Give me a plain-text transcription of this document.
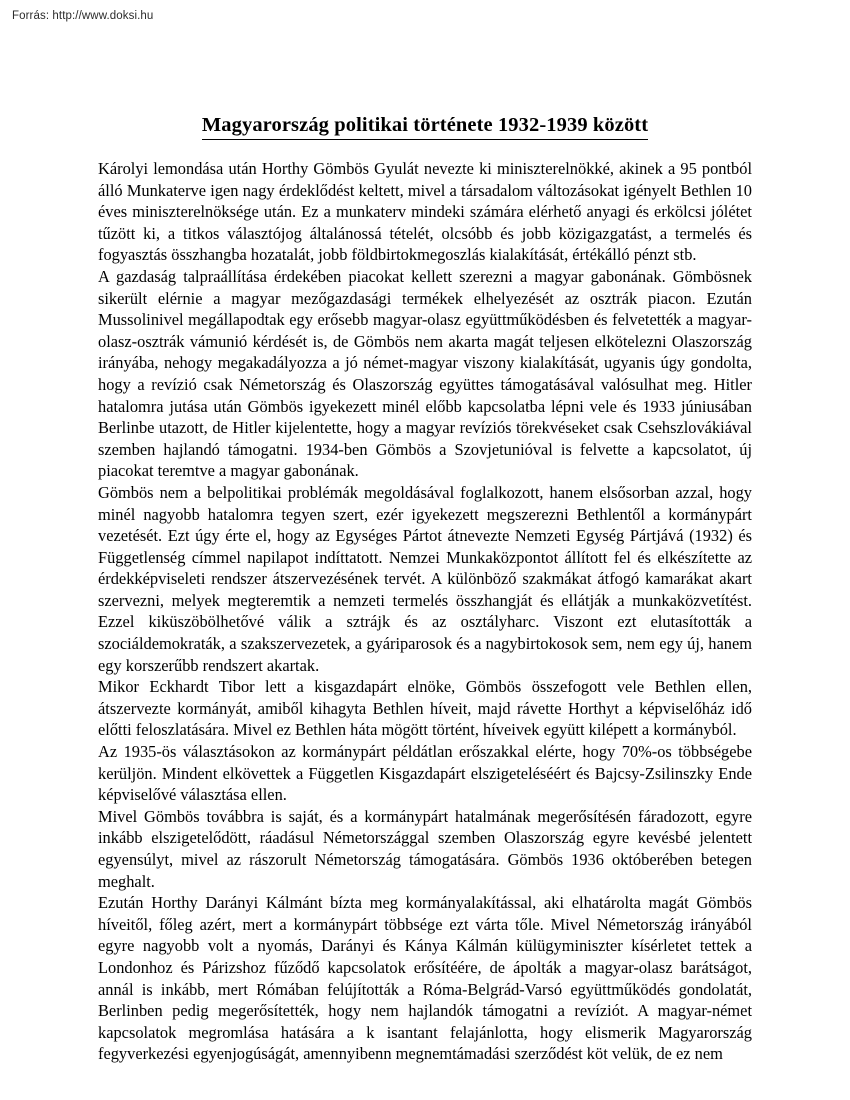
Forrás: http://www.doksi.hu
Magyarország politikai története 1932-1939 között

Károlyi lemondása után Horthy Gömbös Gyulát nevezte ki miniszterelnökké, akinek a 95 pontból álló Munkaterve igen nagy érdeklődést keltett, mivel a társadalom változásokat igényelt Bethlen 10 éves miniszterelnöksége után. Ez a munkaterv mindeki számára elérhető anyagi és erkölcsi jólétet tűzött ki, a titkos választójog általánossá tételét, olcsóbb és jobb közigazgatást, a termelés és fogyasztás összhangba hozatalát, jobb földbirtokmegoszlás kialakítását, értékálló pénzt stb.

A gazdaság talpraállítása érdekében piacokat kellett szerezni a magyar gabonának. Gömbösnek sikerült elérnie a magyar mezőgazdasági termékek elhelyezését az osztrák piacon. Ezután Mussolinivel megállapodtak egy erősebb magyar-olasz együttműködésben és felvetették a magyar-olasz-osztrák vámunió kérdését is, de Gömbös nem akarta magát teljesen elkötelezni Olaszország irányába, nehogy megakadályozza a jó német-magyar viszony kialakítását, ugyanis úgy gondolta, hogy a revízió csak Németország és Olaszország együttes támogatásával valósulhat meg. Hitler hatalomra jutása után Gömbös igyekezett minél előbb kapcsolatba lépni vele és 1933 júniusában Berlinbe utazott, de Hitler kijelentette, hogy a magyar revíziós törekvéseket csak Csehszlovákiával szemben hajlandó támogatni. 1934-ben Gömbös a Szovjetunióval is felvette a kapcsolatot, új piacokat teremtve a magyar gabonának.

Gömbös nem a belpolitikai problémák megoldásával foglalkozott, hanem elsősorban azzal, hogy minél nagyobb hatalomra tegyen szert, ezér igyekezett megszerezni Bethlentől a kormánypárt vezetését. Ezt úgy érte el, hogy az Egységes Pártot átnevezte Nemzeti Egység Pártjává (1932) és Függetlenség címmel napilapot indíttatott. Nemzei Munkaközpontot állított fel és elkészítette az érdekképviseleti rendszer átszervezésének tervét. A különböző szakmákat átfogó kamarákat akart szervezni, melyek megteremtik a nemzeti termelés összhangját és ellátják a munkaközvetítést. Ezzel kiküszöbölhetővé válik a sztrájk és az osztályharc. Viszont ezt elutasították a szociáldemokraták, a szakszervezetek, a gyáriparosok és a nagybirtokosok sem, nem egy új, hanem egy korszerűbb rendszert akartak.

Mikor Eckhardt Tibor lett a kisgazdapárt elnöke, Gömbös összefogott vele Bethlen ellen, átszervezte kormányát, amiből kihagyta Bethlen híveit, majd rávette Horthyt a képviselőház idő előtti feloszlatására. Mivel ez Bethlen háta mögött történt, híveivek együtt kilépett a kormányból.

Az 1935-ös választásokon az kormánypárt példátlan erőszakkal elérte, hogy 70%-os többségebe kerüljön. Mindent elkövettek a Független Kisgazdapárt elszigeteléséért és Bajcsy-Zsilinszky Ende képviselővé választása ellen.

Mivel Gömbös továbbra is saját, és a kormánypárt hatalmának megerősítésén fáradozott, egyre inkább elszigetelődött, ráadásul Németországgal szemben Olaszország egyre kevésbé jelentett egyensúlyt, mivel az rászorult Németország támogatására. Gömbös 1936 októberében betegen meghalt.

Ezután Horthy Darányi Kálmánt bízta meg kormányalakítással, aki elhatárolta magát Gömbös híveitől, főleg azért, mert a kormánypárt többsége ezt várta tőle. Mivel Németország irányából egyre nagyobb volt a nyomás, Darányi és Kánya Kálmán külügyminiszter kísérletet tettek a Londonhoz és Párizshoz fűződő kapcsolatok erősítéére, de ápolták a magyar-olasz barátságot, annál is inkább, mert Rómában felújították a Róma-Belgrád-Varsó együttműködés gondolatát, Berlinben pedig megerősítették, hogy nem hajlandók támogatni a revíziót. A magyar-német kapcsolatok megromlása hatására a k isantant felajánlotta, hogy elismerik Magyarország fegyverkezési egyenjogúságát, amennyibenn megnemtámadási szerződést köt velük, de ez nem
